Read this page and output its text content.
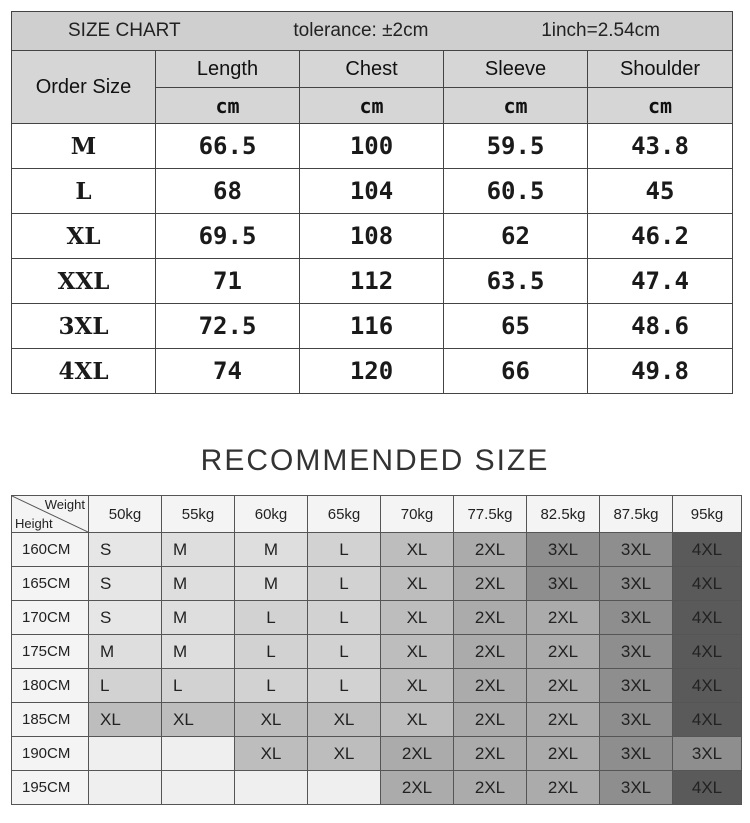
SIZE CHART tolerance: ±2cm 1inch=2.54cm				

Order Size	Length	Chest	Sleeve	Shoulder
	cm	cm	cm	cm
M	66.5	100	59.5	43.8
L	68	104	60.5	45
XL	69.5	108	62	46.2
XXL	71	112	63.5	47.4
3XL	72.5	116	65	48.6
4XL	74	120	66	49.8
RECOMMENDED SIZE
Weight
Height	50kg	55kg	60kg	65kg	70kg	77.5kg	82.5kg	87.5kg	95kg
160CM	S	M	M	L	XL	2XL	3XL	3XL	4XL
165CM	S	M	M	L	XL	2XL	3XL	3XL	4XL
170CM	S	M	L	L	XL	2XL	2XL	3XL	4XL
175CM	M	M	L	L	XL	2XL	2XL	3XL	4XL
180CM	L	L	L	L	XL	2XL	2XL	3XL	4XL
185CM	XL	XL	XL	XL	XL	2XL	2XL	3XL	4XL
190CM			XL	XL	2XL	2XL	2XL	3XL	3XL
195CM					2XL	2XL	2XL	3XL	4XL
